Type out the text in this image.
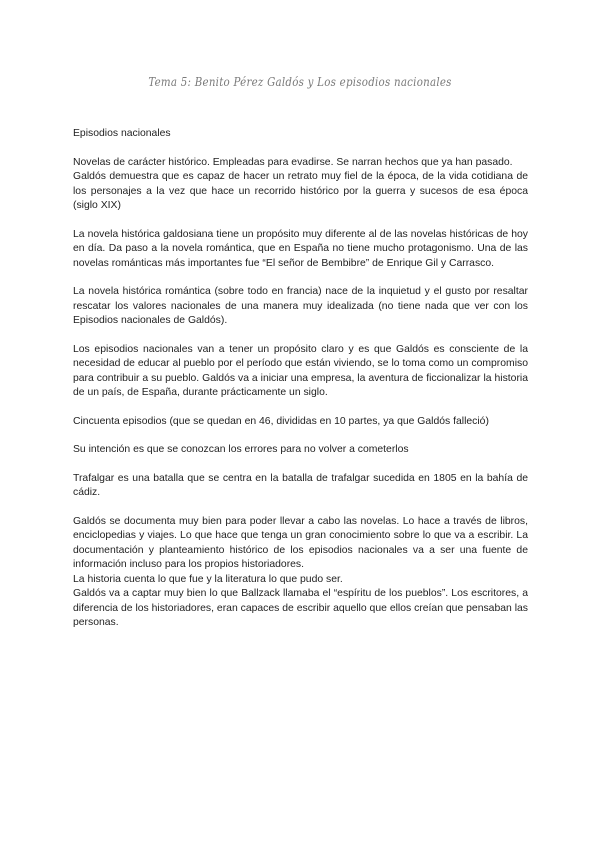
Tema 5: Benito Pérez Galdós y Los episodios nacionales

Episodios nacionales

Novelas de carácter histórico. Empleadas para evadirse. Se narran hechos que ya han pasado.

Galdós demuestra que es capaz de hacer un retrato muy fiel de la época, de la vida cotidiana de los personajes a la vez que hace un recorrido histórico por la guerra y sucesos de esa época (siglo XIX)

La novela histórica galdosiana tiene un propósito muy diferente al de las novelas históricas de hoy en día. Da paso a la novela romántica, que en España no tiene mucho protagonismo. Una de las novelas románticas más importantes fue “El señor de Bembibre” de Enrique Gil y Carrasco.

La novela histórica romántica (sobre todo en francia) nace de la inquietud y el gusto por resaltar rescatar los valores nacionales de una manera muy idealizada (no tiene nada que ver con los Episodios nacionales de Galdós).

Los episodios nacionales van a tener un propósito claro y es que Galdós es consciente de la necesidad de educar al pueblo por el período que están viviendo, se lo toma como un compromiso para contribuir a su pueblo. Galdós va a iniciar una empresa, la aventura de ficcionalizar la historia de un país, de España, durante prácticamente un siglo.

Cincuenta episodios (que se quedan en 46, divididas en 10 partes, ya que Galdós falleció)

Su intención es que se conozcan los errores para no volver a cometerlos

Trafalgar es una batalla que se centra en la batalla de trafalgar sucedida en 1805 en la bahía de cádiz.

Galdós se documenta muy bien para poder llevar a cabo las novelas. Lo hace a través de libros, enciclopedias y viajes. Lo que hace que tenga un gran conocimiento sobre lo que va a escribir. La documentación y planteamiento histórico de los episodios nacionales va a ser una fuente de información incluso para los propios historiadores.

La historia cuenta lo que fue y la literatura lo que pudo ser.

Galdós va a captar muy bien lo que Ballzack llamaba el “espíritu de los pueblos”. Los escritores, a diferencia de los historiadores, eran capaces de escribir aquello que ellos creían que pensaban las personas.
